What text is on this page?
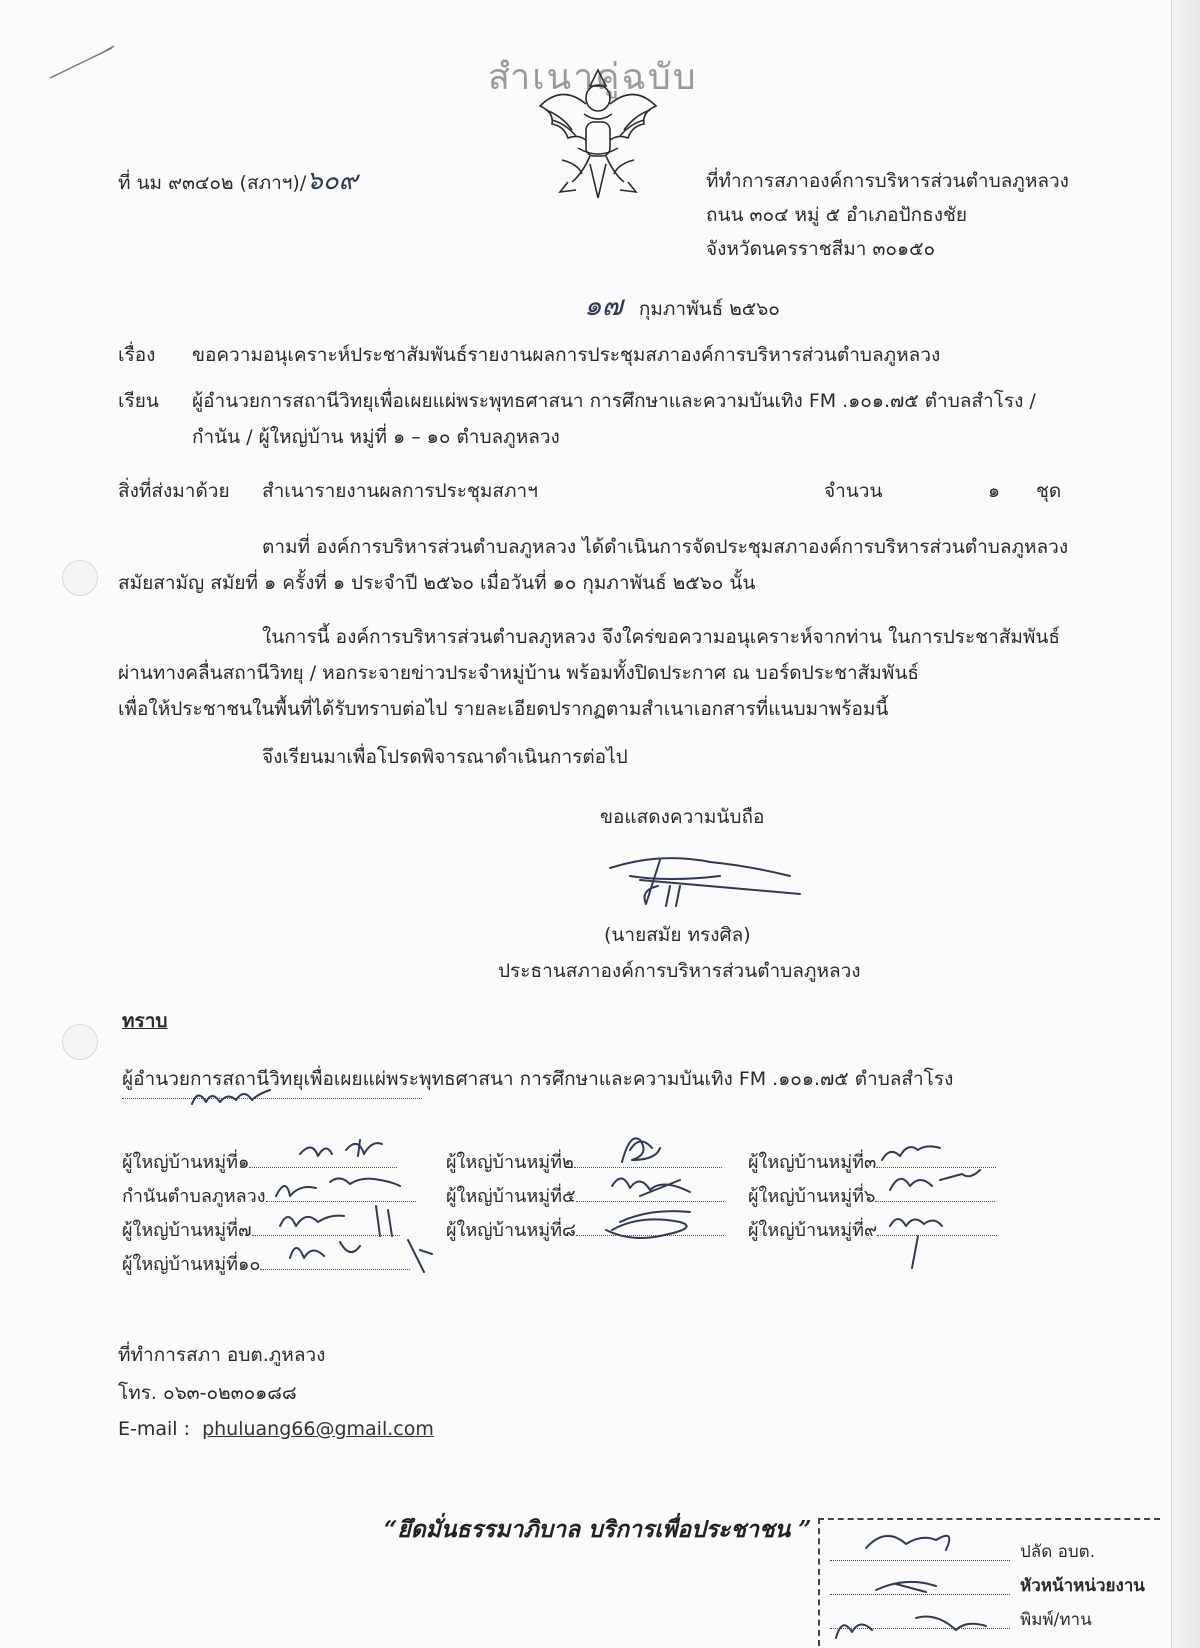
สำเนาคู่ฉบับ
ที่ นม ๙๓๔๐๒ (สภาฯ)/๖๐๙	ที่ทำการสภาองค์การบริหารส่วนตำบลภูหลวง
ถนน ๓๐๔ หมู่ ๕ อำเภอปักธงชัย
จังหวัดนครราชสีมา ๓๐๑๕๐
๑๗ กุมภาพันธ์ ๒๕๖๐
เรื่อง ขอความอนุเคราะห์ประชาสัมพันธ์รายงานผลการประชุมสภาองค์การบริหารส่วนตำบลภูหลวง
เรียน ผู้อำนวยการสถานีวิทยุเพื่อเผยแผ่พระพุทธศาสนา การศึกษาและความบันเทิง FM .๑๐๑.๗๕ ตำบลสำโรง /
กำนัน / ผู้ใหญ่บ้าน หมู่ที่ ๑ – ๑๐ ตำบลภูหลวง
สิ่งที่ส่งมาด้วย สำเนารายงานผลการประชุมสภาฯ	จำนวน	๑ ชุด
ตามที่ องค์การบริหารส่วนตำบลภูหลวง ได้ดำเนินการจัดประชุมสภาองค์การบริหารส่วนตำบลภูหลวง
สมัยสามัญ สมัยที่ ๑ ครั้งที่ ๑ ประจำปี ๒๕๖๐ เมื่อวันที่ ๑๐ กุมภาพันธ์ ๒๕๖๐ นั้น
ในการนี้ องค์การบริหารส่วนตำบลภูหลวง จึงใคร่ขอความอนุเคราะห์จากท่าน ในการประชาสัมพันธ์
ผ่านทางคลื่นสถานีวิทยุ / หอกระจายข่าวประจำหมู่บ้าน พร้อมทั้งปิดประกาศ ณ บอร์ดประชาสัมพันธ์
เพื่อให้ประชาชนในพื้นที่ได้รับทราบต่อไป รายละเอียดปรากฏตามสำเนาเอกสารที่แนบมาพร้อมนี้
จึงเรียนมาเพื่อโปรดพิจารณาดำเนินการต่อไป
ขอแสดงความนับถือ
(นายสมัย ทรงศิล)
ประธานสภาองค์การบริหารส่วนตำบลภูหลวง
ทราบ
ผู้อำนวยการสถานีวิทยุเพื่อเผยแผ่พระพุทธศาสนา การศึกษาและความบันเทิง FM .๑๐๑.๗๕ ตำบลสำโรง
ผู้ใหญ่บ้านหมู่ที่๑	ผู้ใหญ่บ้านหมู่ที่๒	ผู้ใหญ่บ้านหมู่ที่๓
กำนันตำบลภูหลวง	ผู้ใหญ่บ้านหมู่ที่๕	ผู้ใหญ่บ้านหมู่ที่๖
ผู้ใหญ่บ้านหมู่ที่๗	ผู้ใหญ่บ้านหมู่ที่๘	ผู้ใหญ่บ้านหมู่ที่๙
ผู้ใหญ่บ้านหมู่ที่๑๐
ที่ทำการสภา อบต.ภูหลวง
โทร. ๐๖๓-๐๒๓๐๑๘๘
E-mail : phuluang66@gmail.com
“ยึดมั่นธรรมาภิบาล บริการเพื่อประชาชน ”
ปลัด อบต.
หัวหน้าหน่วยงาน
พิมพ์/ทาน
